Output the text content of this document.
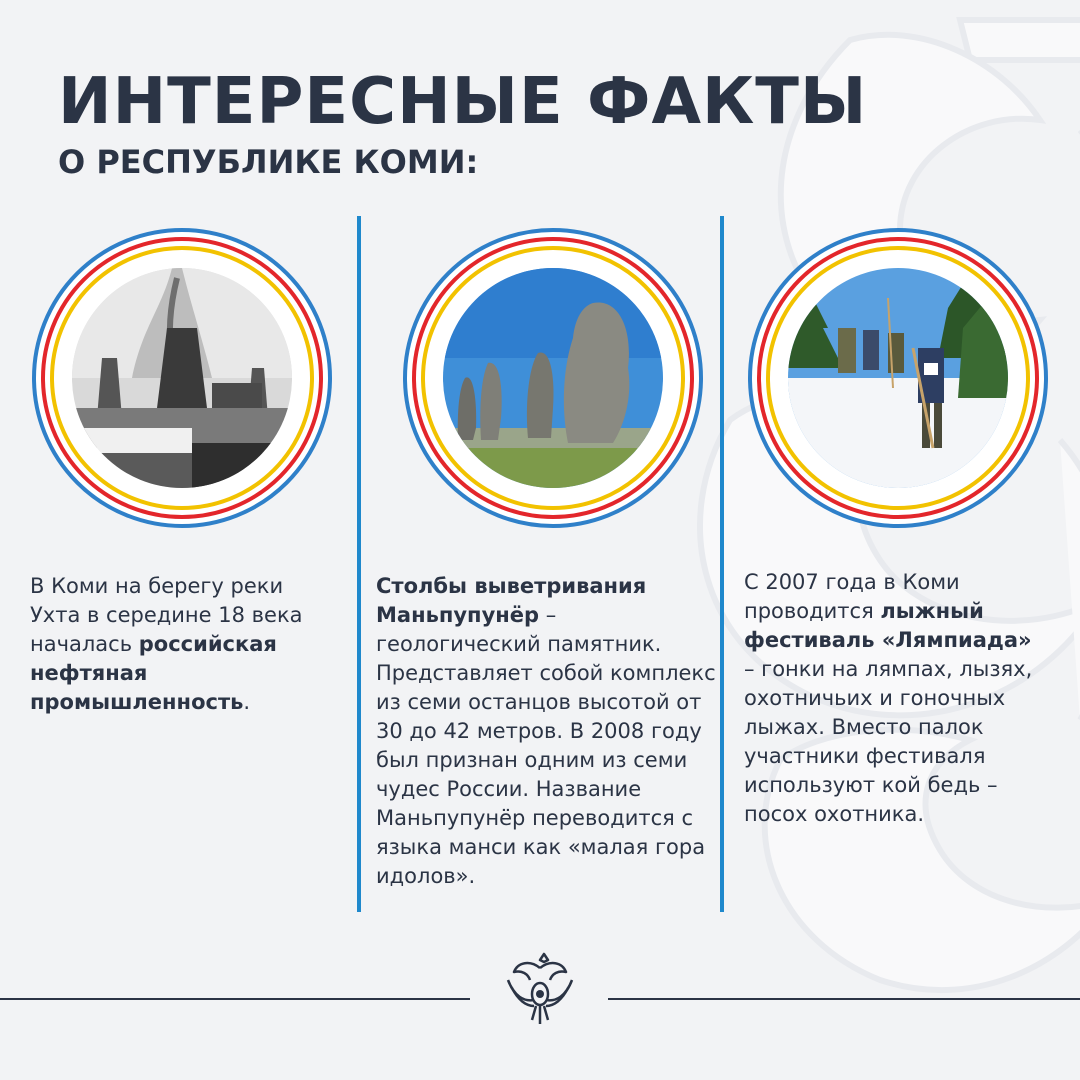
ИНТЕРЕСНЫЕ ФАКТЫ
О РЕСПУБЛИКЕ КОМИ:
В Коми на берегу реки Ухта в середине 18 века началась российская нефтяная промышленность.
Столбы выветривания Маньпупунёр – геологический памятник. Представляет собой комплекс из семи останцов высотой от 30 до 42 метров. В 2008 году был признан одним из семи чудес России. Название Маньпупунёр переводится с языка манси как «малая гора идолов».
С 2007 года в Коми проводится лыжный фестиваль «Лямпиада» – гонки на лямпах, лызях, охотничьих и гоночных лыжах. Вместо палок участники фестиваля используют кой бедь – посох охотника.
